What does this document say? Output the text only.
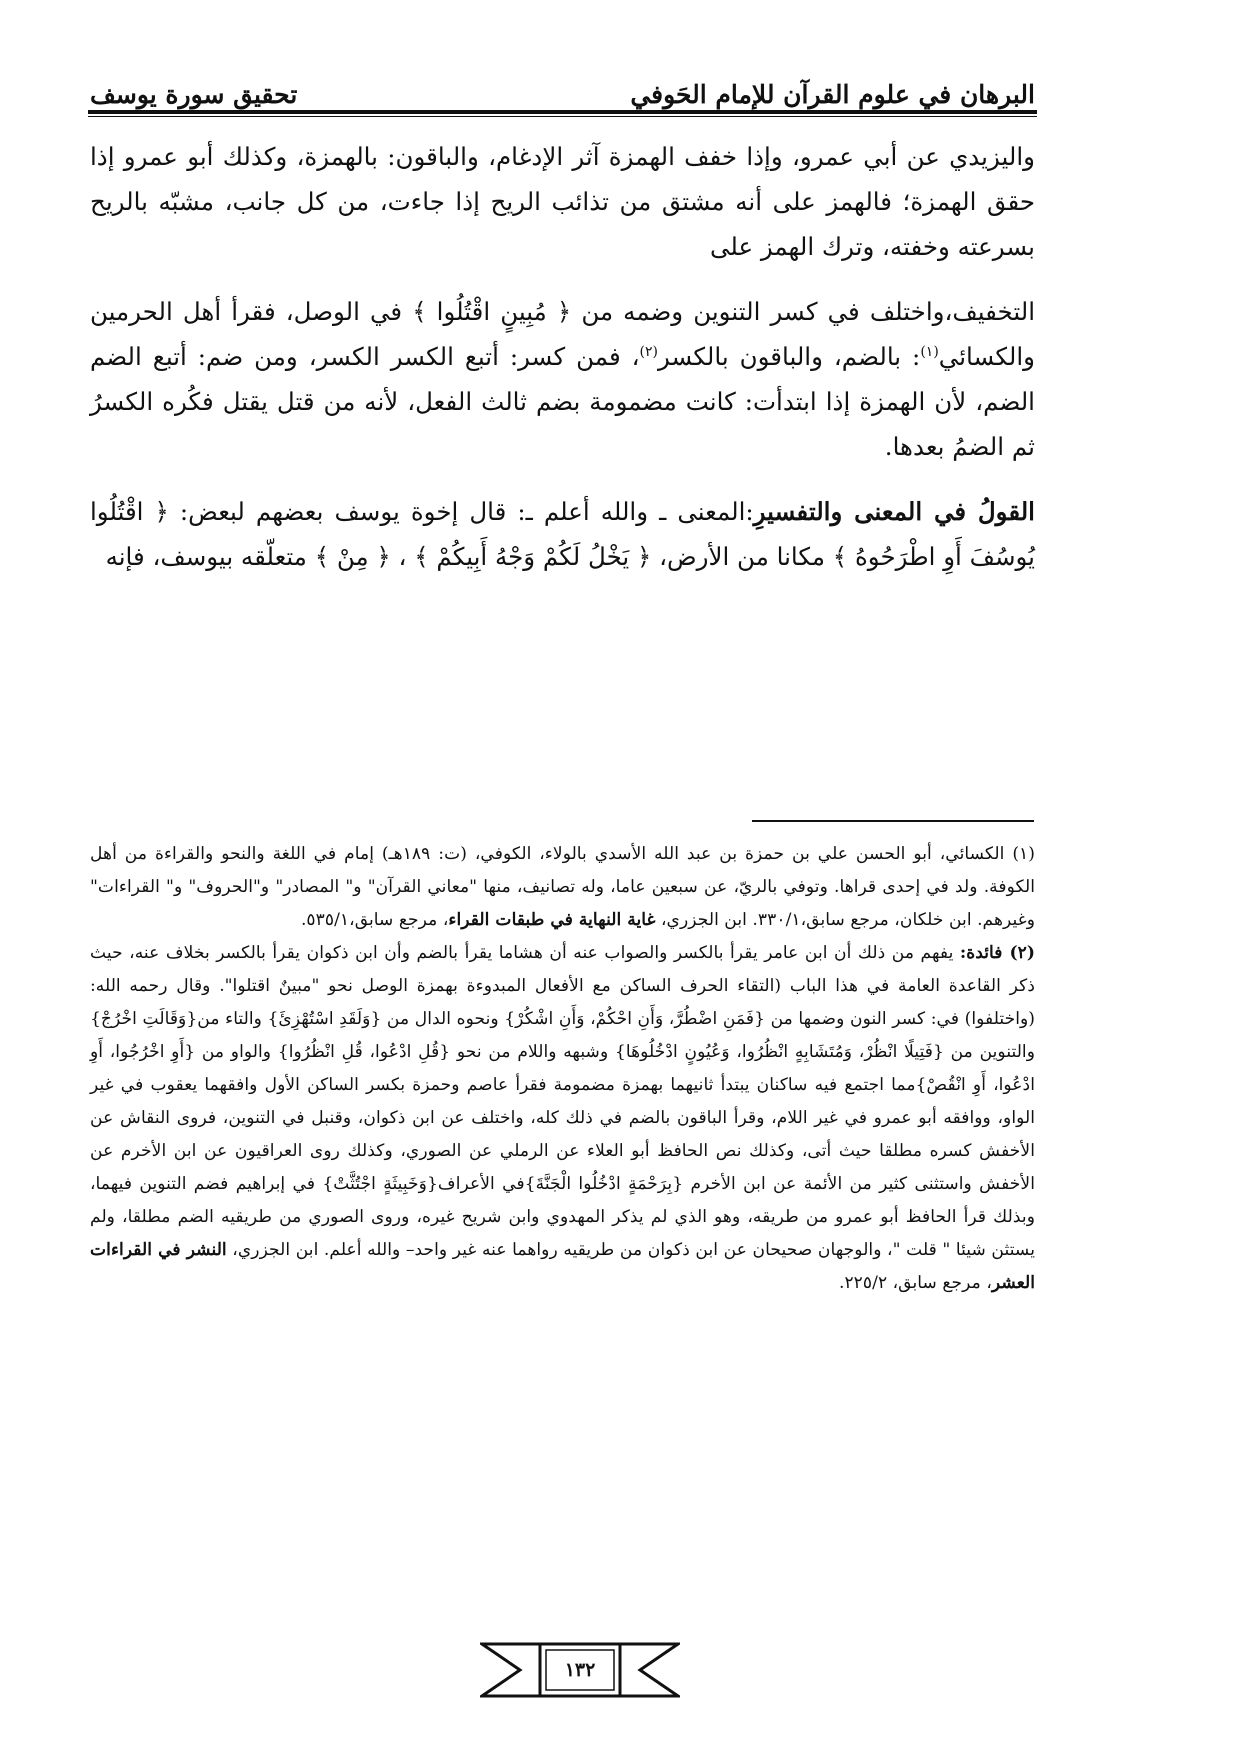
البرهان في علوم القرآن للإمام الحَوفي
تحقيق سورة يوسف

واليزيدي عن أبي عمرو، وإذا خفف الهمزة آثر الإدغام، والباقون: بالهمزة، وكذلك أبو عمرو إذا حقق الهمزة؛ فالهمز على أنه مشتق من تذائب الريح إذا جاءت، من كل جانب، مشبّه بالريح بسرعته وخفته، وترك الهمز على

التخفيف،واختلف في كسر التنوين وضمه من ﴿ مُبِينٍ اقْتُلُوا ﴾ في الوصل، فقرأ أهل الحرمين والكسائي$^{(١)}$: بالضم، والباقون بالكسر$^{(٢)}$، فمن كسر: أتبع الكسر الكسر، ومن ضم: أتبع الضم الضم، لأن الهمزة إذا ابتدأت: كانت مضمومة بضم ثالث الفعل، لأنه من قتل يقتل فكُره الكسرُ ثم الضمُ بعدها.

القولُ في المعنى والتفسيرِ:المعنى ـ والله أعلم ـ: قال إخوة يوسف بعضهم لبعض: ﴿ اقْتُلُوا يُوسُفَ أَوِ اطْرَحُوهُ ﴾ مكانا من الأرض، ﴿ يَخْلُ لَكُمْ وَجْهُ أَبِيكُمْ ﴾ ، ﴿ مِنْ ﴾ متعلّقه بيوسف، فإنه

(١) الكسائي، أبو الحسن علي بن حمزة بن عبد الله الأسدي بالولاء، الكوفي، (ت: ١٨٩هـ) إمام في اللغة والنحو والقراءة من أهل الكوفة. ولد في إحدى قراها. وتوفي بالريّ، عن سبعين عاما، وله تصانيف، منها "معاني القرآن" و" المصادر" و"الحروف" و" القراءات" وغيرهم. ابن خلكان، مرجع سابق،٣٣٠/١. ابن الجزري، غاية النهاية في طبقات القراء، مرجع سابق،٥٣٥/١.

(٢) فائدة: يفهم من ذلك أن ابن عامر يقرأ بالكسر والصواب عنه أن هشاما يقرأ بالضم وأن ابن ذكوان يقرأ بالكسر بخلاف عنه، حيث ذكر القاعدة العامة في هذا الباب (التقاء الحرف الساكن مع الأفعال المبدوءة بهمزة الوصل نحو "مبينٌ اقتلوا". وقال رحمه الله: (واختلفوا) في: كسر النون وضمها من {فَمَنِ اضْطُرَّ، وَأَنِ احْكُمْ، وَأَنِ اشْكُرْ} ونحوه الدال من {وَلَقَدِ اسْتُهْزِئَ} والتاء من{وَقَالَتِ اخْرُجْ} والتنوين من {فَتِيلًا انْظُرْ، وَمُتَشَابِهٍ انْظُرُوا، وَعُيُونٍ ادْخُلُوهَا} وشبهه واللام من نحو {قُلِ ادْعُوا، قُلِ انْظُرُوا} والواو من {أَوِ اخْرُجُوا، أَوِ ادْعُوا، أَوِ انْقُصْ}مما اجتمع فيه ساكنان يبتدأ ثانيهما بهمزة مضمومة فقرأ عاصم وحمزة بكسر الساكن الأول وافقهما يعقوب في غير الواو، ووافقه أبو عمرو في غير اللام، وقرأ الباقون بالضم في ذلك كله، واختلف عن ابن ذكوان، وقنبل في التنوين، فروى النقاش عن الأخفش كسره مطلقا حيث أتى، وكذلك نص الحافظ أبو العلاء عن الرملي عن الصوري، وكذلك روى العراقيون عن ابن الأخرم عن الأخفش واستثنى كثير من الأئمة عن ابن الأخرم {بِرَحْمَةٍ ادْخُلُوا الْجَنَّةَ}في الأعراف{وَخَبِيثَةٍ اجْتُثَّتْ} في إبراهيم فضم التنوين فيهما، وبذلك قرأ الحافظ أبو عمرو من طريقه، وهو الذي لم يذكر المهدوي وابن شريح غيره، وروى الصوري من طريقيه الضم مطلقا، ولم يستثن شيئا " قلت "، والوجهان صحيحان عن ابن ذكوان من طريقيه رواهما عنه غير واحد– والله أعلم. ابن الجزري، النشر في القراءات العشر، مرجع سابق، ٢٢٥/٢.

١٣٢
